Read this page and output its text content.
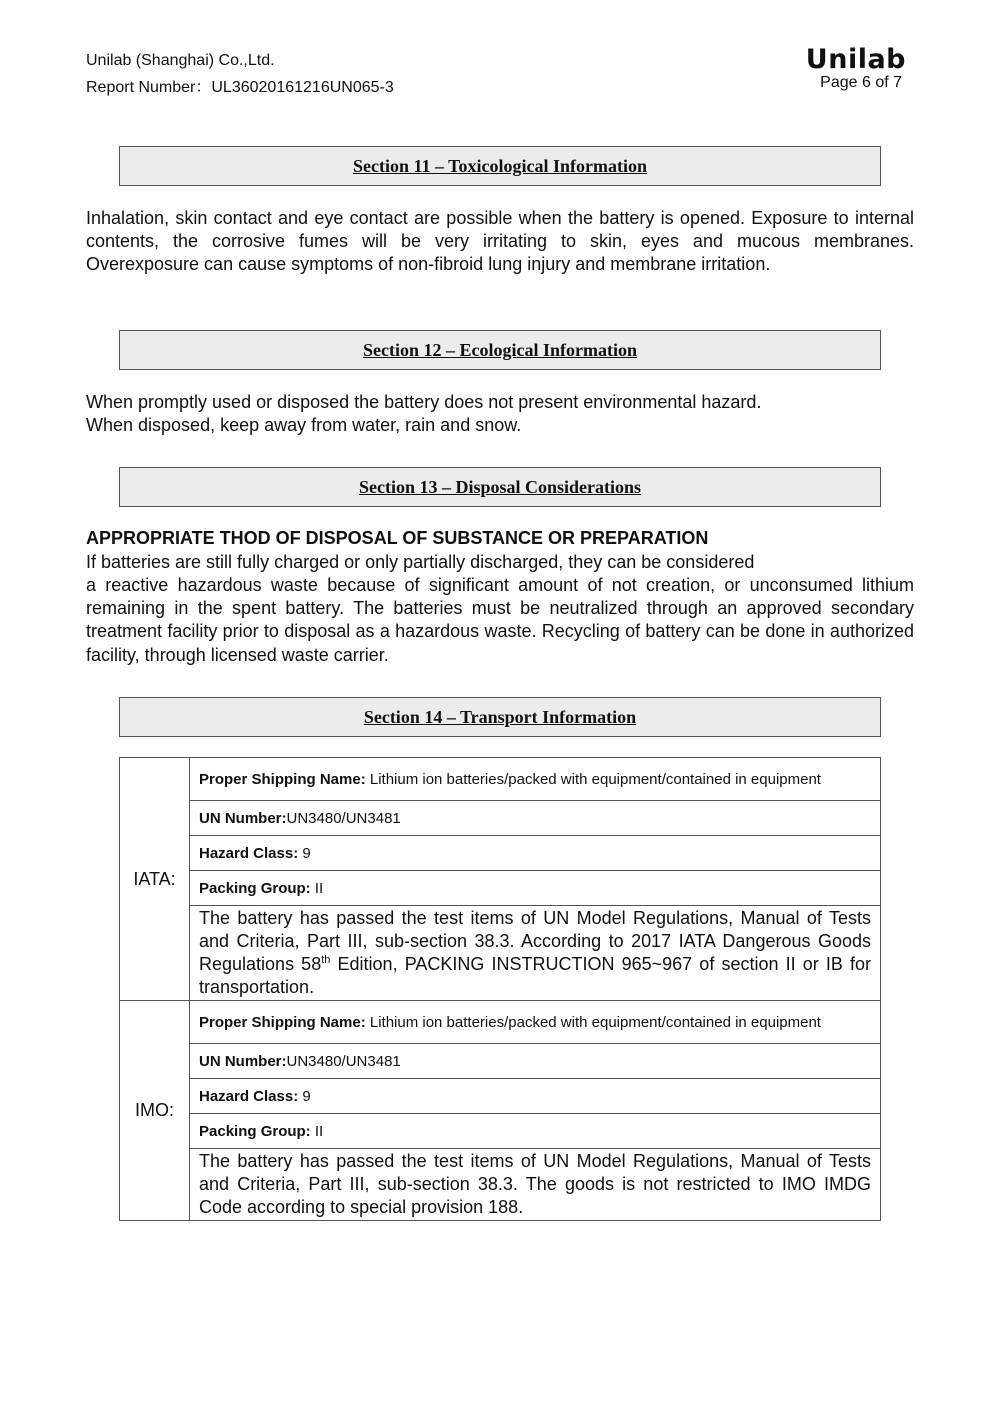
Unilab (Shanghai) Co.,Ltd.
Report Number：UL36020161216UN065-3
Unilab
Page 6 of 7
Section 11 – Toxicological Information

Inhalation, skin contact and eye contact are possible when the battery is opened. Exposure to internal contents, the corrosive fumes will be very irritating to skin, eyes and mucous membranes. Overexposure can cause symptoms of non-fibroid lung injury and membrane irritation.

Section 12 – Ecological Information

When promptly used or disposed the battery does not present environmental hazard.
When disposed, keep away from water, rain and snow.

Section 13 – Disposal Considerations

APPROPRIATE THOD OF DISPOSAL OF SUBSTANCE OR PREPARATION

If batteries are still fully charged or only partially discharged, they can be considered

a reactive hazardous waste because of significant amount of not creation, or unconsumed lithium remaining in the spent battery. The batteries must be neutralized through an approved secondary treatment facility prior to disposal as a hazardous waste. Recycling of battery can be done in authorized facility, through licensed waste carrier.

Section 14 – Transport Information
IATA:	Proper Shipping Name: Lithium ion batteries/packed with equipment/contained in equipment
	UN Number:UN3480/UN3481
	Hazard Class: 9
	Packing Group: II
	The battery has passed the test items of UN Model Regulations, Manual of Tests and Criteria, Part III, sub-section 38.3. According to 2017 IATA Dangerous Goods Regulations 58th Edition, PACKING INSTRUCTION 965~967 of section II or IB for transportation.
IMO:	Proper Shipping Name: Lithium ion batteries/packed with equipment/contained in equipment
	UN Number:UN3480/UN3481
	Hazard Class: 9
	Packing Group: II
	The battery has passed the test items of UN Model Regulations, Manual of Tests and Criteria, Part III, sub-section 38.3. The goods is not restricted to IMO IMDG Code according to special provision 188.
